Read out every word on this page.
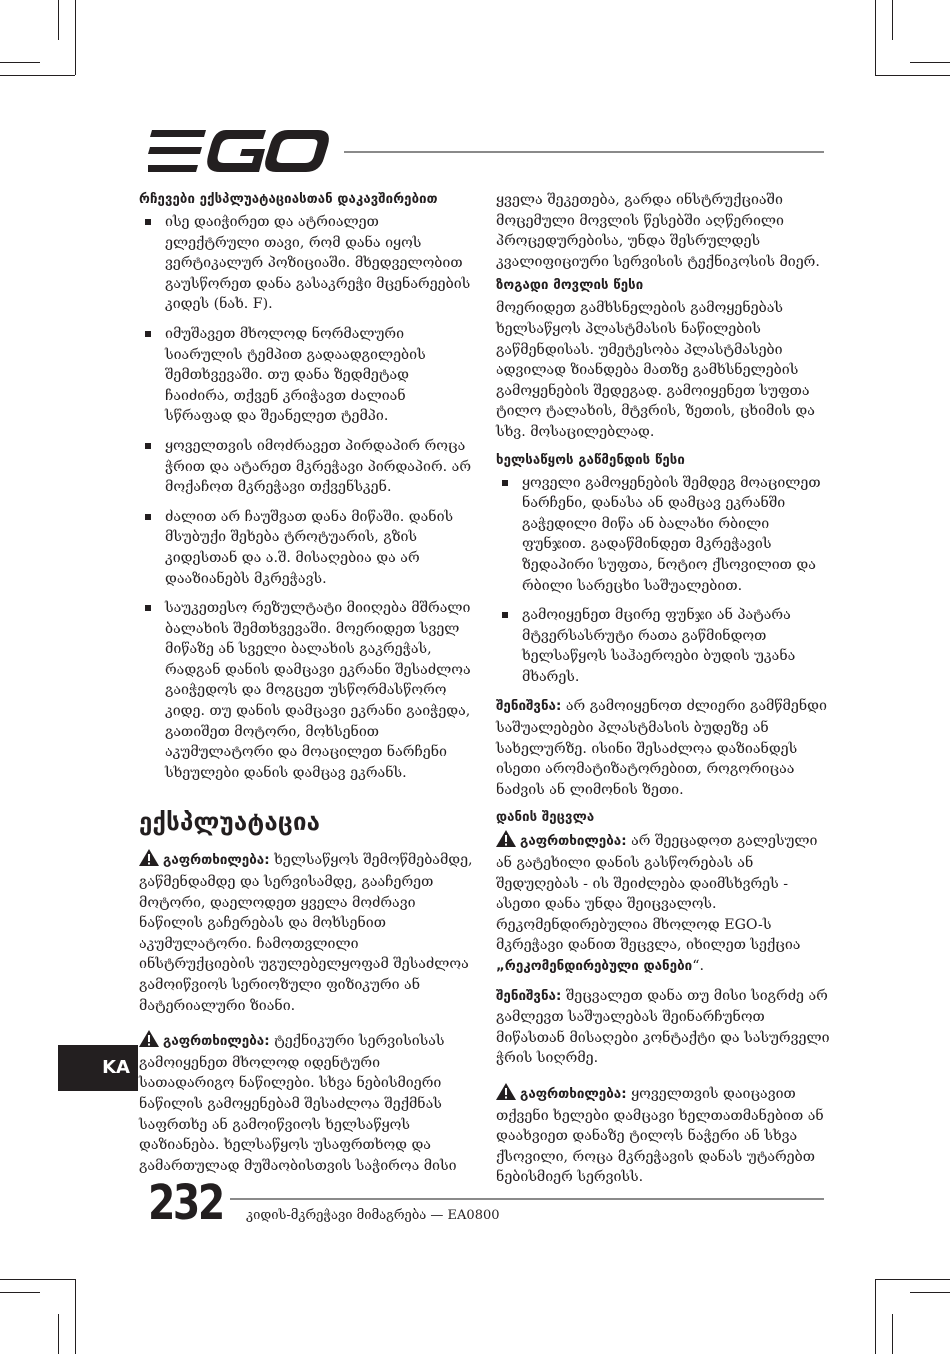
რჩევები ექსპლუატაციასთან დაკავშირებით
ისე დაიჭირეთ და ატრიალეთ ელექტრული თავი, რომ დანა იყოს ვერტიკალურ პოზიციაში. მხედველობით გაუსწორეთ დანა გასაკრეჭი მცენარეების კიდეს (ნახ. F).
იმუშავეთ მხოლოდ ნორმალური სიარულის ტემპით გადაადგილების შემთხვევაში. თუ დანა ზედმეტად ჩაიძირა, თქვენ კრიჭავთ ძალიან სწრაფად და შეანელეთ ტემპი.
ყოველთვის იმოძრავეთ პირდაპირ როცა ჭრით და ატარეთ მკრეჭავი პირდაპირ. არ მოქაჩოთ მკრეჭავი თქვენსკენ.
ძალით არ ჩაუშვათ დანა მიწაში. დანის მსუბუქი შეხება ტროტუარის, გზის კიდესთან და ა.შ. მისაღებია და არ დააზიანებს მკრეჭავს.
საუკეთესო რეზულტატი მიიღება მშრალი ბალახის შემთხვევაში. მოერიდეთ სველ მიწაზე ან სველი ბალახის გაკრეჭას, რადგან დანის დამცავი ეკრანი შესაძლოა გაიჭედოს და მოგცეთ უსწორმასწორო კიდე. თუ დანის დამცავი ეკრანი გაიჭედა, გათიშეთ მოტორი, მოხსენით აკუმულატორი და მოაცილეთ ნარჩენი სხეულები დანის დამცავ ეკრანს.
ექსპლუატაცია

გაფრთხილება: ხელსაწყოს შემოწმებამდე, გაწმენდამდე და სერვისამდე, გააჩერეთ მოტორი, დაელოდეთ ყველა მოძრავი ნაწილის გაჩერებას და მოხსენით აკუმულატორი. ჩამოთვლილი ინსტრუქციების უგულებელყოფამ შესაძლოა გამოიწვიოს სერიოზული ფიზიკური ან მატერიალური ზიანი.

გაფრთხილება: ტექნიკური სერვისისას გამოიყენეთ მხოლოდ იდენტური სათადარიგო ნაწილები. სხვა ნებისმიერი ნაწილის გამოყენებამ შესაძლოა შექმნას საფრთხე ან გამოიწვიოს ხელსაწყოს დაზიანება. ხელსაწყოს უსაფრთხოდ და გამართულად მუშაობისთვის საჭიროა მისი

ყველა შეკეთება, გარდა ინსტრუქციაში მოცემული მოვლის წესებში აღწერილი პროცედურებისა, უნდა შესრულდეს კვალიფიციური სერვისის ტექნიკოსის მიერ.

ზოგადი მოვლის წესი

მოერიდეთ გამხსნელების გამოყენებას ხელსაწყოს პლასტმასის ნაწილების გაწმენდისას. უმეტესობა პლასტმასები ადვილად ზიანდება მათზე გამხსნელების გამოყენების შედეგად. გამოიყენეთ სუფთა ტილო ტალახის, მტვრის, ზეთის, ცხიმის და სხვ. მოსაცილებლად.

ხელსაწყოს გაწმენდის წესი
ყოველი გამოყენების შემდეგ მოაცილეთ ნარჩენი, დანასა ან დამცავ ეკრანში გაჭედილი მიწა ან ბალახი რბილი ფუნჯით. გადაწმინდეთ მკრეჭავის ზედაპირი სუფთა, ნოტიო ქსოვილით და რბილი სარეცხი საშუალებით.
გამოიყენეთ მცირე ფუნჯი ან პატარა მტვერსასრუტი რათა გაწმინდოთ ხელსაწყოს საჰაეროები ბუდის უკანა მხარეს.

შენიშვნა: არ გამოიყენოთ ძლიერი გამწმენდი საშუალებები პლასტმასის ბუდეზე ან სახელურზე. ისინი შესაძლოა დაზიანდეს ისეთი არომატიზატორებით, როგორიცაა ნაძვის ან ლიმონის ზეთი.

დანის შეცვლა

გაფრთხილება: არ შეეცადოთ გალესული ან გატეხილი დანის გასწორებას ან შედუღებას - ის შეიძლება დაიმსხვრეს - ასეთი დანა უნდა შეიცვალოს. რეკომენდირებულია მხოლოდ EGO-ს მკრეჭავი დანით შეცვლა, იხილეთ სექცია „რეკომენდირებული დანები“.

შენიშვნა: შეცვალეთ დანა თუ მისი სიგრძე არ გამლევთ საშუალებას შეინარჩუნოთ მიწასთან მისაღები კონტაქტი და სასურველი ჭრის სიღრმე.

გაფრთხილება: ყოველთვის დაიცავით თქვენი ხელები დამცავი ხელთათმანებით ან დაახვიეთ დანაზე ტილოს ნაჭერი ან სხვა ქსოვილი, როცა მკრეჭავის დანას უტარებთ ნებისმიერ სერვისს.

KA
232 კიდის-მკრეჭავი მიმაგრება — EA0800
